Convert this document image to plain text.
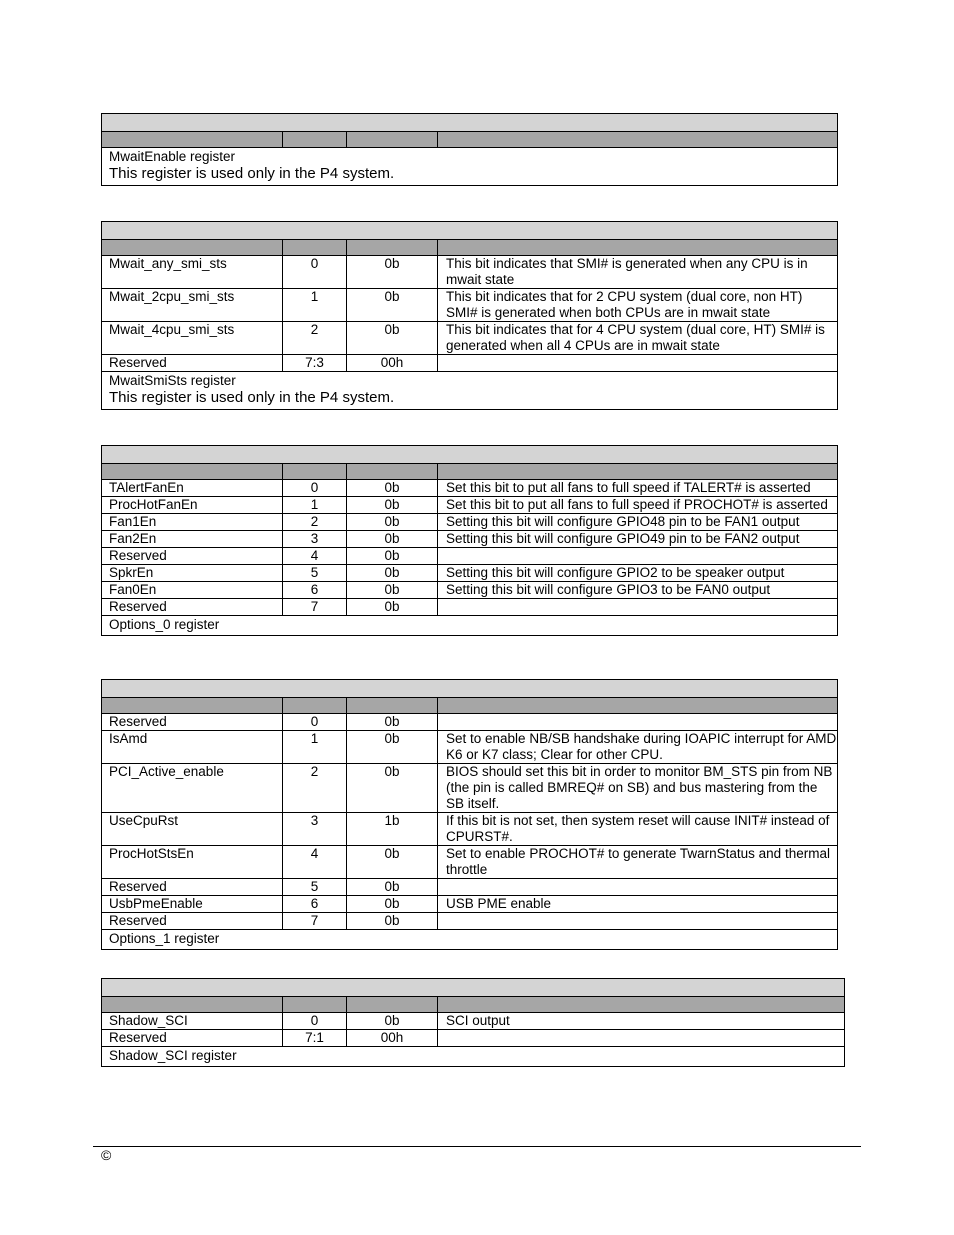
MwaitEnable register
This register is used only in the P4 system.

Mwait_any_smi_sts	0	0b	This bit indicates that SMI# is generated when any CPU is in mwait state
Mwait_2cpu_smi_sts	1	0b	This bit indicates that for 2 CPU system (dual core, non HT) SMI# is generated when both CPUs are in mwait state
Mwait_4cpu_smi_sts	2	0b	This bit indicates that for 4 CPU system (dual core, HT) SMI# is generated when all 4 CPUs are in mwait state
Reserved	7:3	00h	

MwaitSmiSts register
This register is used only in the P4 system.			

TAlertFanEn	0	0b	Set this bit to put all fans to full speed if TALERT# is asserted
ProcHotFanEn	1	0b	Set this bit to put all fans to full speed if PROCHOT# is asserted
Fan1En	2	0b	Setting this bit will configure GPIO48 pin to be FAN1 output
Fan2En	3	0b	Setting this bit will configure GPIO49 pin to be FAN2 output
Reserved	4	0b	
SpkrEn	5	0b	Setting this bit will configure GPIO2 to be speaker output
Fan0En	6	0b	Setting this bit will configure GPIO3 to be FAN0 output
Reserved	7	0b	

Options_0 register			

Reserved	0	0b	
IsAmd	1	0b	Set to enable NB/SB handshake during IOAPIC interrupt for AMD K6 or K7 class; Clear for other CPU.
PCI_Active_enable	2	0b	BIOS should set this bit in order to monitor BM_STS pin from NB (the pin is called BMREQ# on SB) and bus mastering from the SB itself.
UseCpuRst	3	1b	If this bit is not set, then system reset will cause INIT# instead of CPURST#.
ProcHotStsEn	4	0b	Set to enable PROCHOT# to generate TwarnStatus and thermal throttle
Reserved	5	0b	
UsbPmeEnable	6	0b	USB PME enable
Reserved	7	0b	

Options_1 register			

Shadow_SCI	0	0b	SCI output
Reserved	7:1	00h	

Shadow_SCI register			
©
